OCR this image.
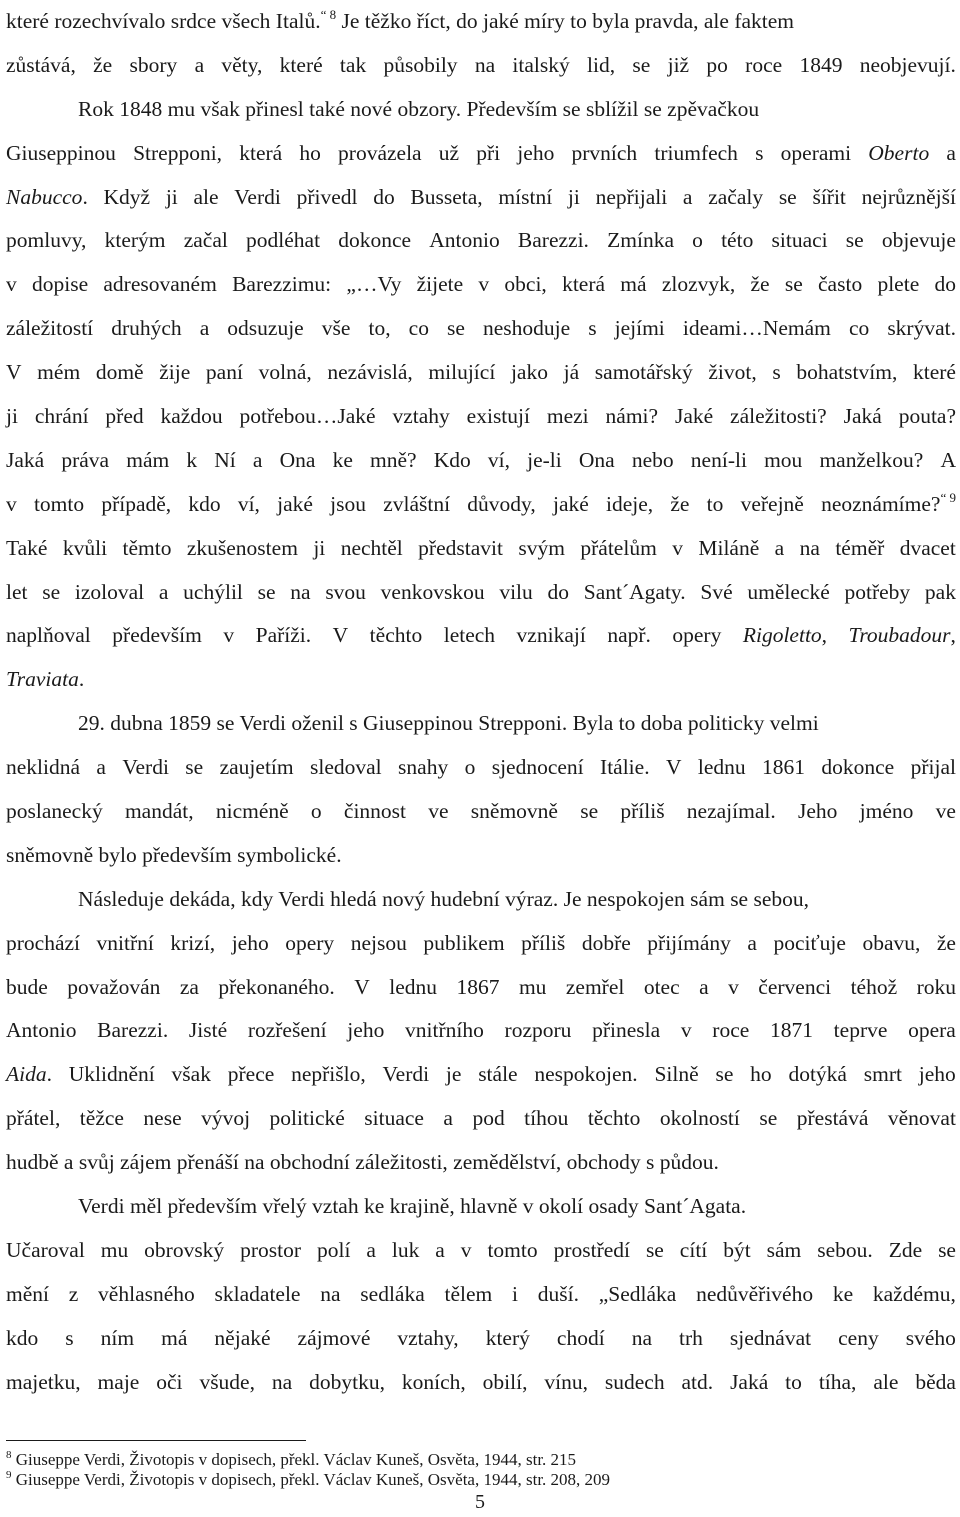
které rozechvívalo srdce všech Italů.$^{“ 8}$ Je těžko říct, do jaké míry to byla pravda, ale faktem
zůstává, že sbory a věty, které tak působily na italský lid, se již po roce 1849 neobjevují.
Rok 1848 mu však přinesl také nové obzory. Především se sblížil se zpěvačkou
Giuseppinou Strepponi, která ho provázela už při jeho prvních triumfech s operami Oberto a
Nabucco. Když ji ale Verdi přivedl do Busseta, místní ji nepřijali a začaly se šířit nejrůznější
pomluvy, kterým začal podléhat dokonce Antonio Barezzi. Zmínka o této situaci se objevuje
v dopise adresovaném Barezzimu: „…Vy žijete v obci, která má zlozvyk, že se často plete do
záležitostí druhých a odsuzuje vše to, co se neshoduje s jejími ideami…Nemám co skrývat.
V mém domě žije paní volná, nezávislá, milující jako já samotářský život, s bohatstvím, které
ji chrání před každou potřebou…Jaké vztahy existují mezi námi? Jaké záležitosti? Jaká pouta?
Jaká práva mám k Ní a Ona ke mně? Kdo ví, je-li Ona nebo není-li mou manželkou? A
v tomto případě, kdo ví, jaké jsou zvláštní důvody, jaké ideje, že to veřejně neoznámíme?$^{“ 9}$
Také kvůli těmto zkušenostem ji nechtěl představit svým přátelům v Miláně a na téměř dvacet
let se izoloval a uchýlil se na svou venkovskou vilu do Sant´Agaty. Své umělecké potřeby pak
naplňoval především v Paříži. V těchto letech vznikají např. opery Rigoletto, Troubadour,
Traviata.
29. dubna 1859 se Verdi oženil s Giuseppinou Strepponi. Byla to doba politicky velmi
neklidná a Verdi se zaujetím sledoval snahy o sjednocení Itálie. V lednu 1861 dokonce přijal
poslanecký mandát, nicméně o činnost ve sněmovně se příliš nezajímal. Jeho jméno ve
sněmovně bylo především symbolické.
Následuje dekáda, kdy Verdi hledá nový hudební výraz. Je nespokojen sám se sebou,
prochází vnitřní krizí, jeho opery nejsou publikem příliš dobře přijímány a pociťuje obavu, že
bude považován za překonaného. V lednu 1867 mu zemřel otec a v červenci téhož roku
Antonio Barezzi. Jisté rozřešení jeho vnitřního rozporu přinesla v roce 1871 teprve opera
Aida. Uklidnění však přece nepřišlo, Verdi je stále nespokojen. Silně se ho dotýká smrt jeho
přátel, těžce nese vývoj politické situace a pod tíhou těchto okolností se přestává věnovat
hudbě a svůj zájem přenáší na obchodní záležitosti, zemědělství, obchody s půdou.
Verdi měl především vřelý vztah ke krajině, hlavně v okolí osady Sant´Agata.
Učaroval mu obrovský prostor polí a luk a v tomto prostředí se cítí být sám sebou. Zde se
mění z věhlasného skladatele na sedláka tělem i duší. „Sedláka nedůvěřivého ke každému,
kdo s ním má nějaké zájmové vztahy, který chodí na trh sjednávat ceny svého
majetku, maje oči všude, na dobytku, koních, obilí, vínu, sudech atd. Jaká to tíha, ale běda
$^8$ Giuseppe Verdi, Životopis v dopisech, překl. Václav Kuneš, Osvěta, 1944, str. 215
$^9$ Giuseppe Verdi, Životopis v dopisech, překl. Václav Kuneš, Osvěta, 1944, str. 208, 209
5
